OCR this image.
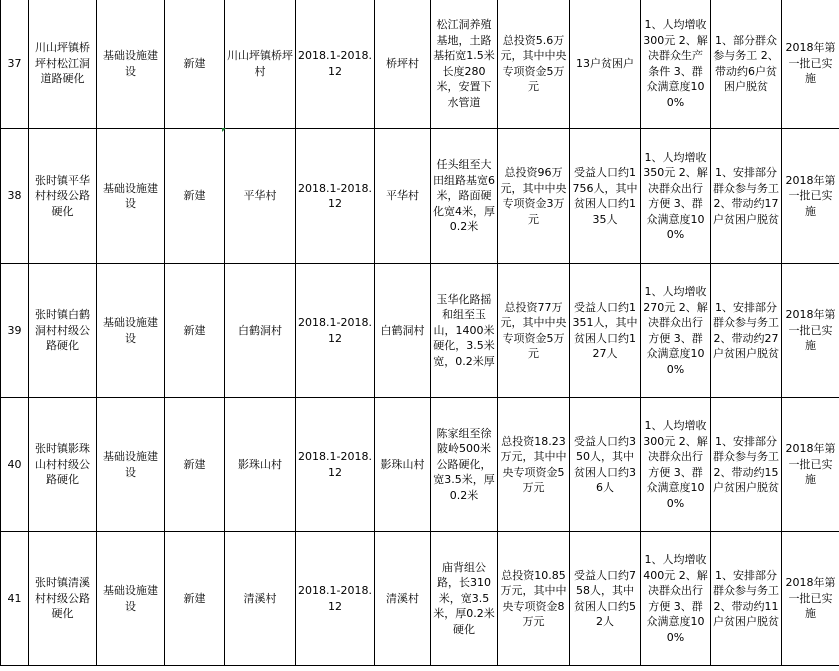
37	川山坪镇桥坪村松江洞道路硬化	基础设施建设	新建	川山坪镇桥坪村	2018.1-2018.12	桥坪村	松江洞养殖基地，土路基拓宽1.5米长度280米，安置下水管道	总投资5.6万元，其中中央专项资金5万元	13户贫困户	1、人均增收300元 2、解决群众生产条件 3、群众满意度100%	1、部分群众参与务工 2、带动约6户贫困户脱贫	2018年第一批已实施
38	张时镇平华村村级公路硬化	基础设施建设	新建	平华村	2018.1-2018.12	平华村	任头组至大田组路基宽6米，路面硬化宽4米，厚0.2米	总投资96万元，其中中央专项资金3万元	受益人口约1756人，其中贫困人口约135人	1、人均增收350元 2、解决群众出行方便 3、群众满意度100%	1、安排部分群众参与务工 2、带动约17户贫困户脱贫	2018年第一批已实施
39	张时镇白鹤洞村村级公路硬化	基础设施建设	新建	白鹤洞村	2018.1-2018.12	白鹤洞村	玉华化路摇和组至玉山，1400米硬化，3.5米宽，0.2米厚	总投资77万元，其中中央专项资金5万元	受益人口约1351人，其中贫困人口约127人	1、人均增收270元 2、解决群众出行方便 3、群众满意度100%	1、安排部分群众参与务工 2、带动约27户贫困户脱贫	2018年第一批已实施
40	张时镇影珠山村村级公路硬化	基础设施建设	新建	影珠山村	2018.1-2018.12	影珠山村	陈家组至徐陂岭500米公路硬化，宽3.5米，厚0.2米	总投资18.23万元，其中中央专项资金5万元	受益人口约350人，其中贫困人口约36人	1、人均增收300元 2、解决群众出行方便 3、群众满意度100%	1、安排部分群众参与务工 2、带动约15户贫困户脱贫	2018年第一批已实施
41	张时镇清溪村村级公路硬化	基础设施建设	新建	清溪村	2018.1-2018.12	清溪村	庙背组公路，长310米，宽3.5米，厚0.2米硬化	总投资10.85万元，其中中央专项资金8万元	受益人口约758人，其中贫困人口约52人	1、人均增收400元 2、解决群众出行方便 3、群众满意度100%	1、安排部分群众参与务工 2、带动约11户贫困户脱贫	2018年第一批已实施
